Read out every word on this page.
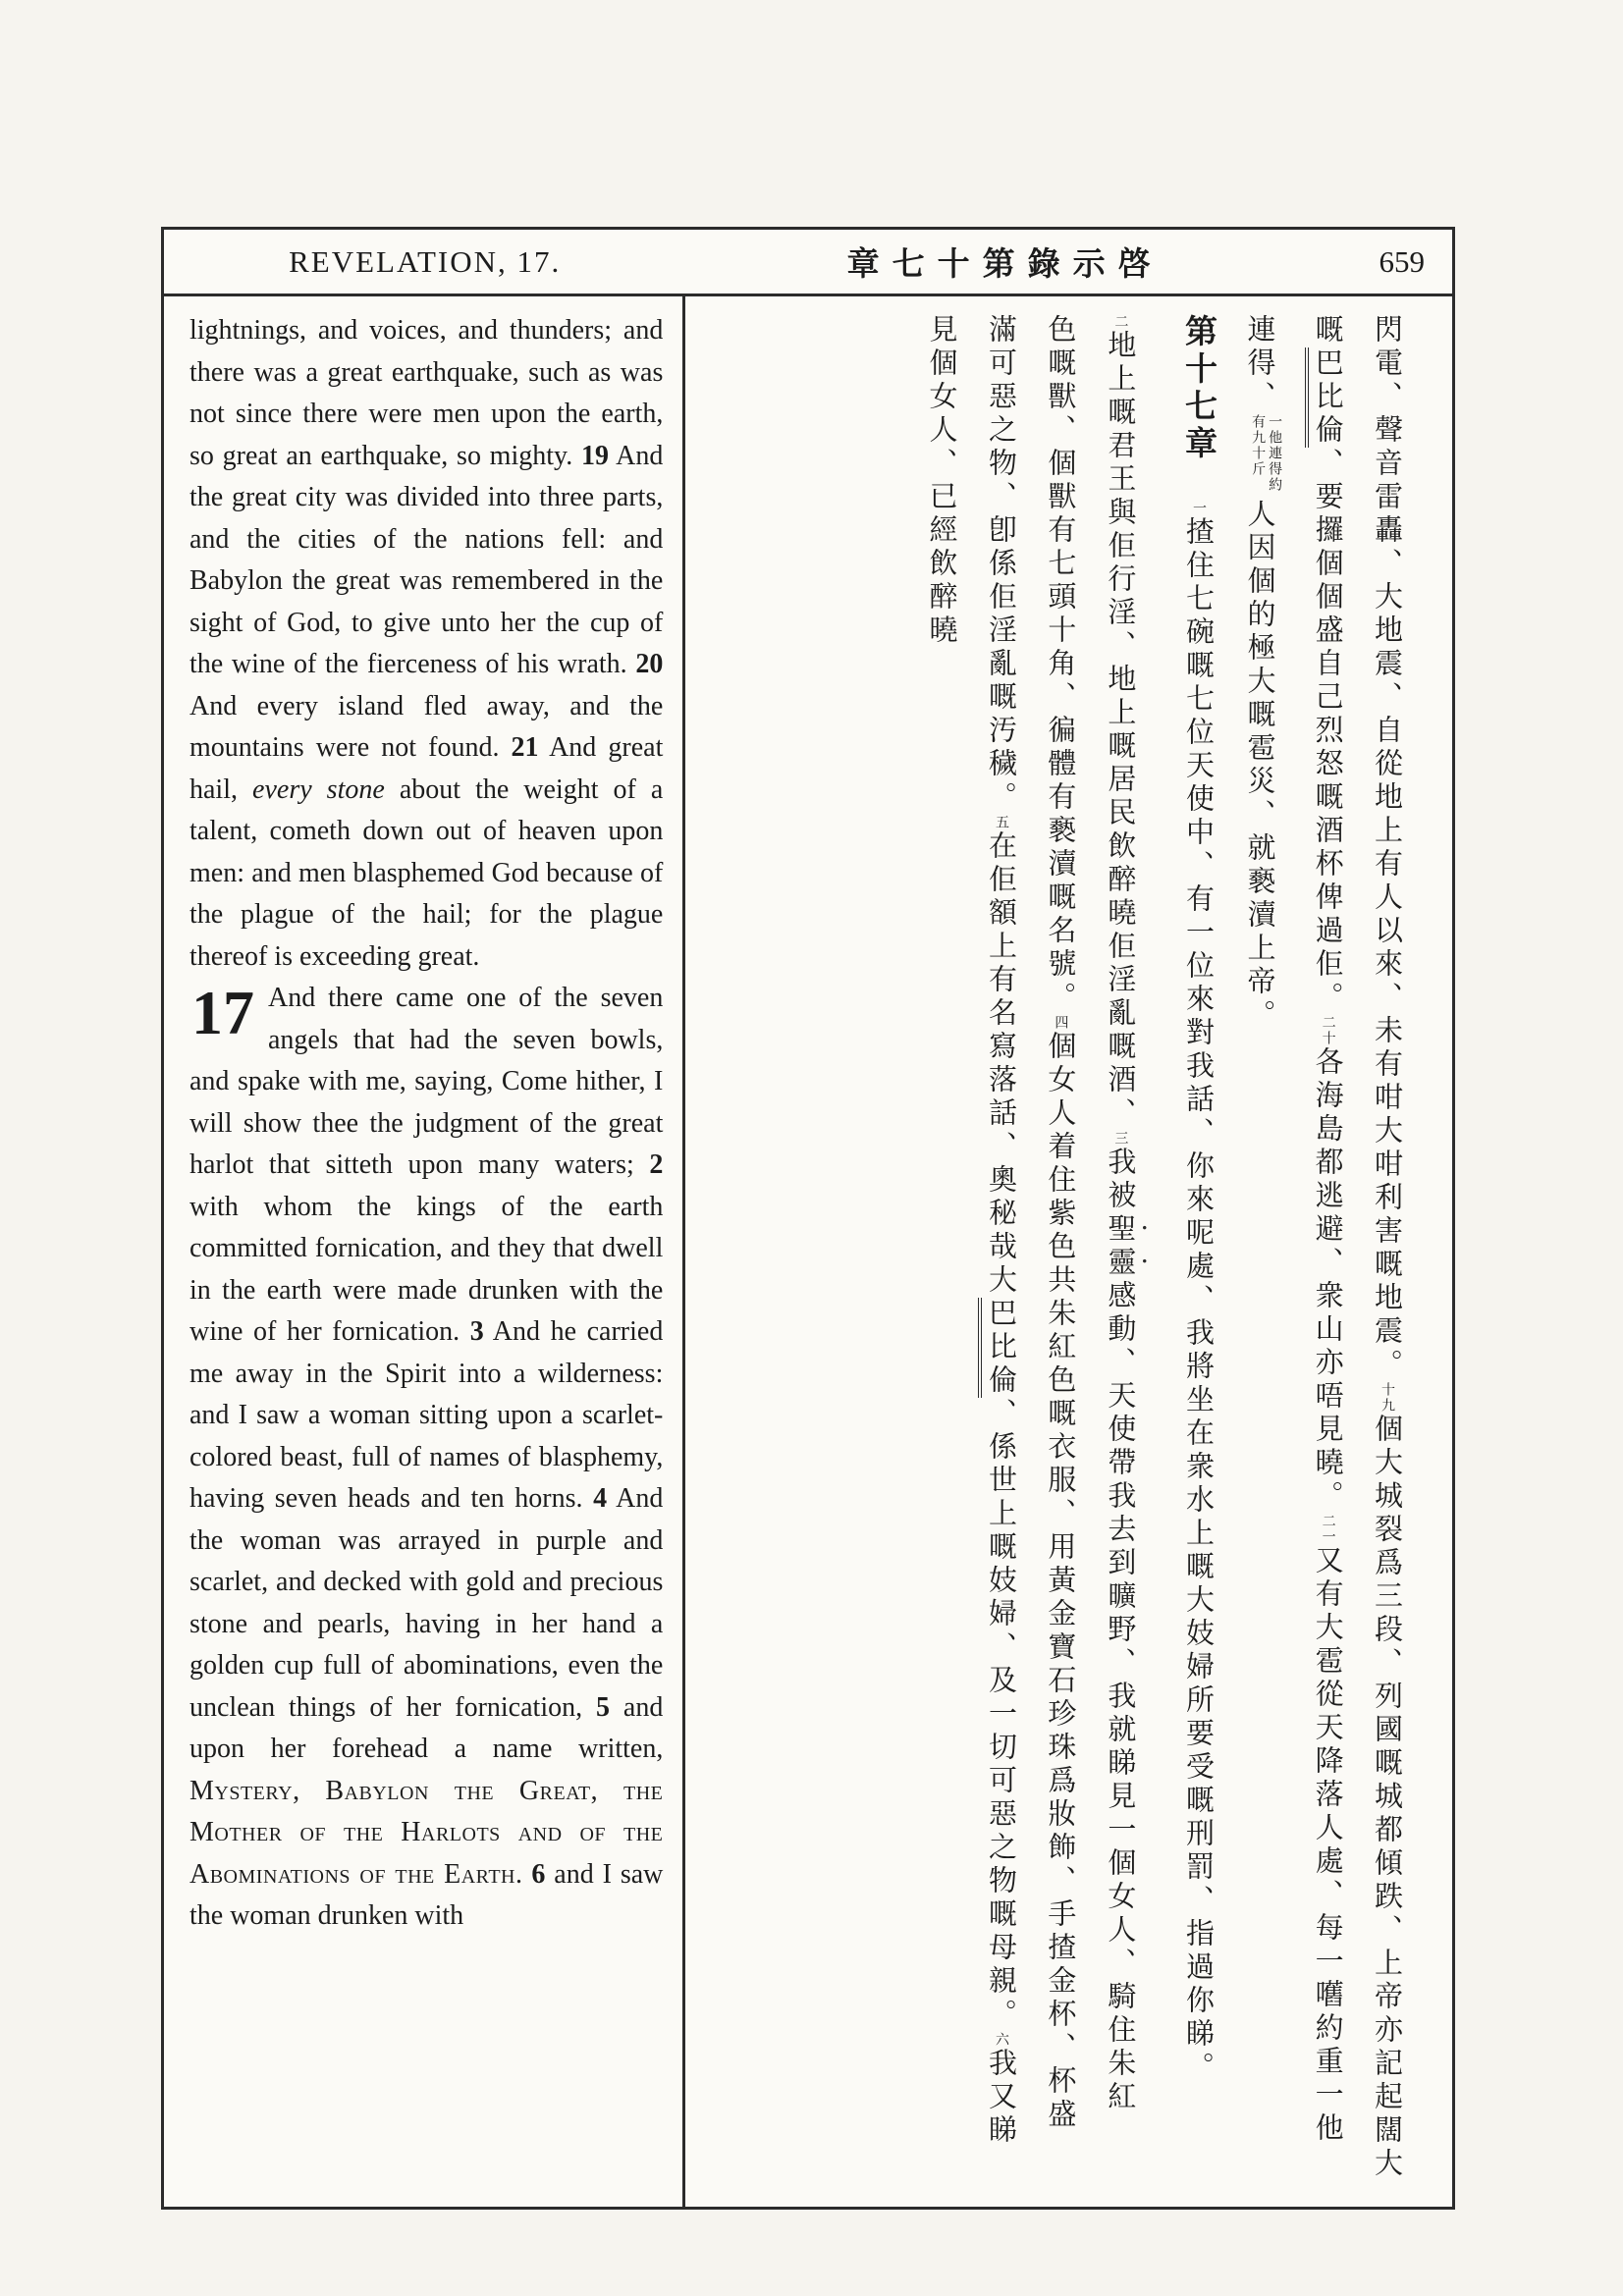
REVELATION, 17.	章七十第錄示啓	659

lightnings, and voices, and thunders; and there was a great earthquake, such as was not since there were men upon the earth, so great an earthquake, so mighty. 19 And the great city was divided into three parts, and the cities of the nations fell: and Babylon the great was remembered in the sight of God, to give unto her the cup of the wine of the fierceness of his wrath. 20 And every island fled away, and the mountains were not found. 21 And great hail, every stone about the weight of a talent, cometh down out of heaven upon men: and men blasphemed God because of the plague of the hail; for the plague thereof is exceeding great.

17 And there came one of the seven angels that had the seven bowls, and spake with me, saying, Come hither, I will show thee the judgment of the great harlot that sitteth upon many waters; 2 with whom the kings of the earth committed fornication, and they that dwell in the earth were made drunken with the wine of her fornication. 3 And he carried me away in the Spirit into a wilderness: and I saw a woman sitting upon a scarlet-colored beast, full of names of blasphemy, having seven heads and ten horns. 4 And the woman was arrayed in purple and scarlet, and decked with gold and precious stone and pearls, having in her hand a golden cup full of abominations, even the unclean things of her fornication, 5 and upon her forehead a name written, Mystery, Babylon the Great, the Mother of the Harlots and of the Abominations of the Earth. 6 and I saw the woman drunken with

閃電、聲音雷轟、大地震、自從地上有人以來、未有咁大咁利害嘅地震。十九個大城裂爲三段、列國嘅城都傾跌、上帝亦記起闊大
嘅巴比倫、要攞個個盛自己烈怒嘅酒杯俾過佢。二十各海島都逃避、衆山亦唔見曉。二一又有大雹從天降落人處、每一嚿約重一他
連得、一他連得約有九十斤人因個的極大嘅雹災、就褻瀆上帝。
第十七章　一揸住七碗嘅七位天使中、有一位來對我話、你來呢處、我將坐在衆水上嘅大妓婦所要受嘅刑罰、指過你睇。
二地上嘅君王與佢行淫、地上嘅居民飲醉曉佢淫亂嘅酒、三我被聖靈感動、天使帶我去到曠野、我就睇見一個女人、騎住朱紅
色嘅獸、個獸有七頭十角、徧體有褻瀆嘅名號。四個女人着住紫色共朱紅色嘅衣服、用黃金寶石珍珠爲妝飾、手揸金杯、杯盛
滿可惡之物、卽係佢淫亂嘅汚穢。五在佢額上有名寫落話、奧秘哉大巴比倫、係世上嘅妓婦、及一切可惡之物嘅母親。六我又睇
見個女人、已經飲醉曉
